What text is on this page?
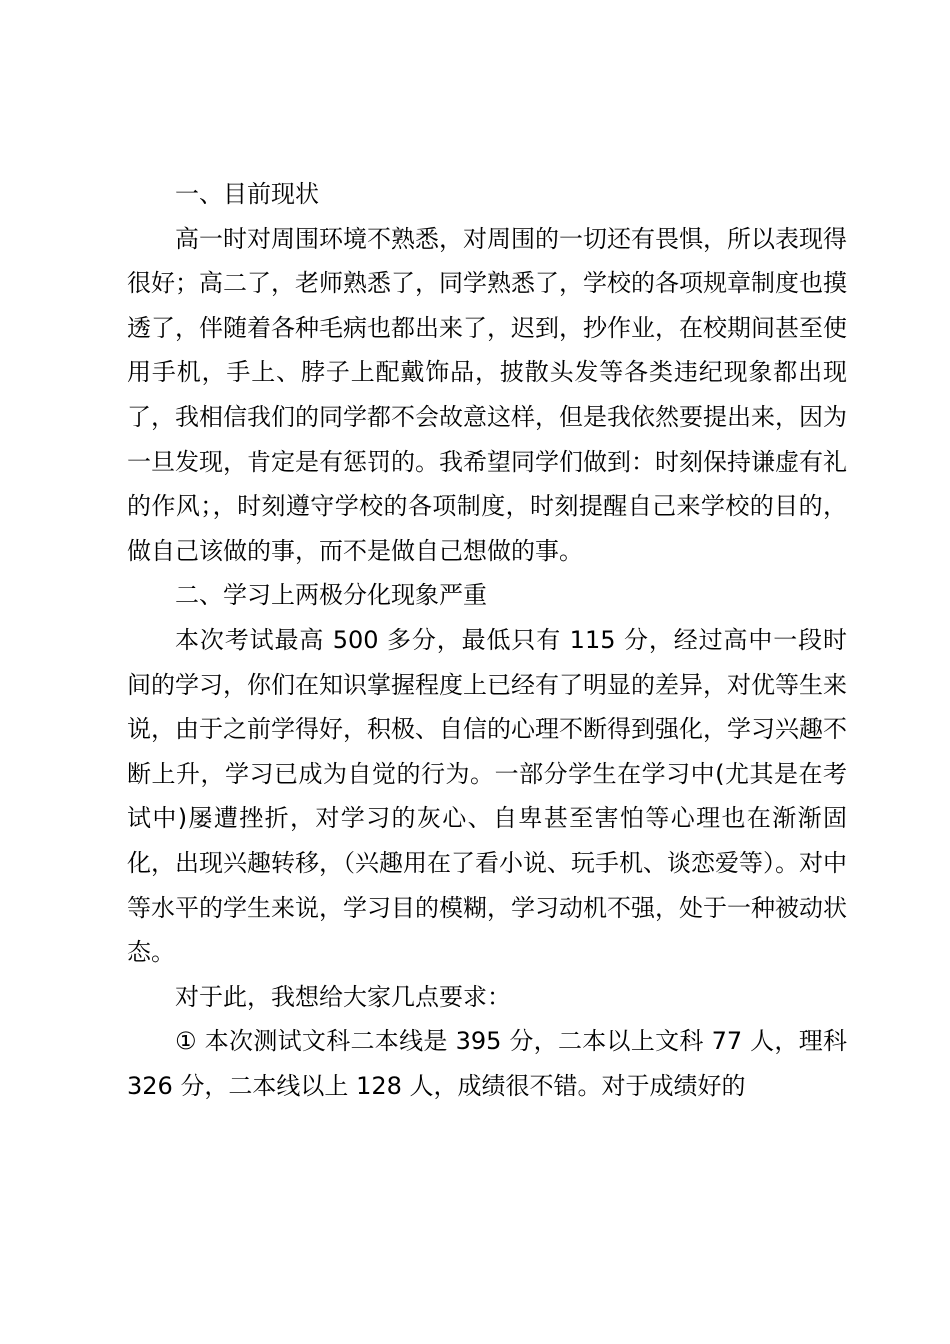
一、目前现状

高一时对周围环境不熟悉，对周围的一切还有畏惧，所以表现得很好；高二了，老师熟悉了，同学熟悉了，学校的各项规章制度也摸透了，伴随着各种毛病也都出来了，迟到，抄作业，在校期间甚至使用手机，手上、脖子上配戴饰品，披散头发等各类违纪现象都出现了，我相信我们的同学都不会故意这样，但是我依然要提出来，因为一旦发现，肯定是有惩罚的。我希望同学们做到：时刻保持谦虚有礼的作风；，时刻遵守学校的各项制度，时刻提醒自己来学校的目的，做自己该做的事，而不是做自己想做的事。

二、学习上两极分化现象严重

本次考试最高 500 多分，最低只有 115 分，经过高中一段时间的学习，你们在知识掌握程度上已经有了明显的差异，对优等生来说，由于之前学得好，积极、自信的心理不断得到强化，学习兴趣不断上升，学习已成为自觉的行为。一部分学生在学习中(尤其是在考试中)屡遭挫折，对学习的灰心、自卑甚至害怕等心理也在渐渐固化，出现兴趣转移，（兴趣用在了看小说、玩手机、谈恋爱等）。对中等水平的学生来说，学习目的模糊，学习动机不强，处于一种被动状态。

对于此，我想给大家几点要求：

① 本次测试文科二本线是 395 分，二本以上文科 77 人，理科 326 分，二本线以上 128 人，成绩很不错。对于成绩好的
